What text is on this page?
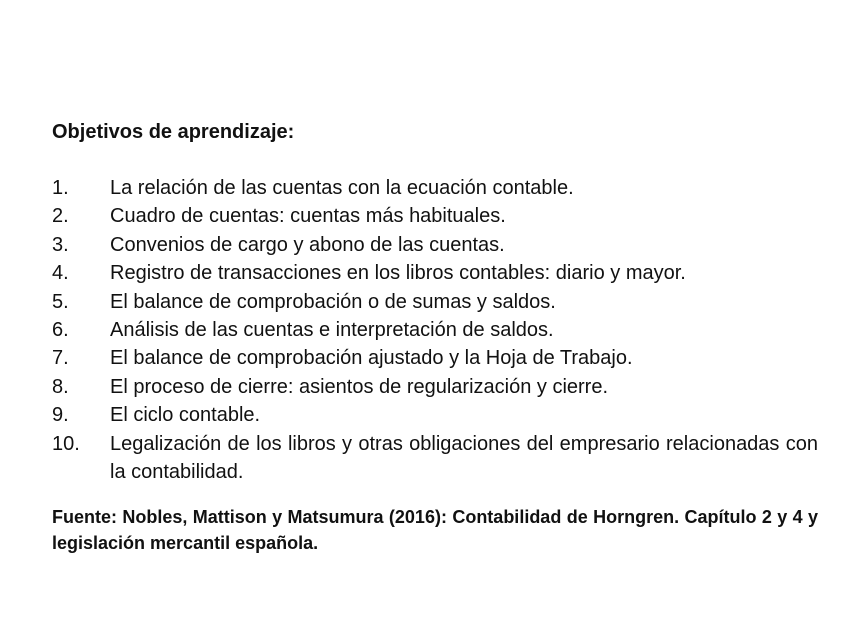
Objetivos de aprendizaje:
1.	La relación de las cuentas con la ecuación contable.
2.	Cuadro de cuentas: cuentas más habituales.
3.	Convenios de cargo y abono de las cuentas.
4.	Registro de transacciones en los libros contables: diario y mayor.
5.	El balance de comprobación o de sumas y saldos.
6.	Análisis de las cuentas e interpretación de saldos.
7.	El balance de comprobación ajustado y la Hoja de Trabajo.
8.	El proceso de cierre: asientos de regularización y cierre.
9.	El ciclo contable.
10.	Legalización de los libros y otras obligaciones del empresario relacionadas con la contabilidad.
Fuente: Nobles, Mattison y Matsumura (2016): Contabilidad de Horngren. Capítulo 2 y 4 y legislación mercantil española.
